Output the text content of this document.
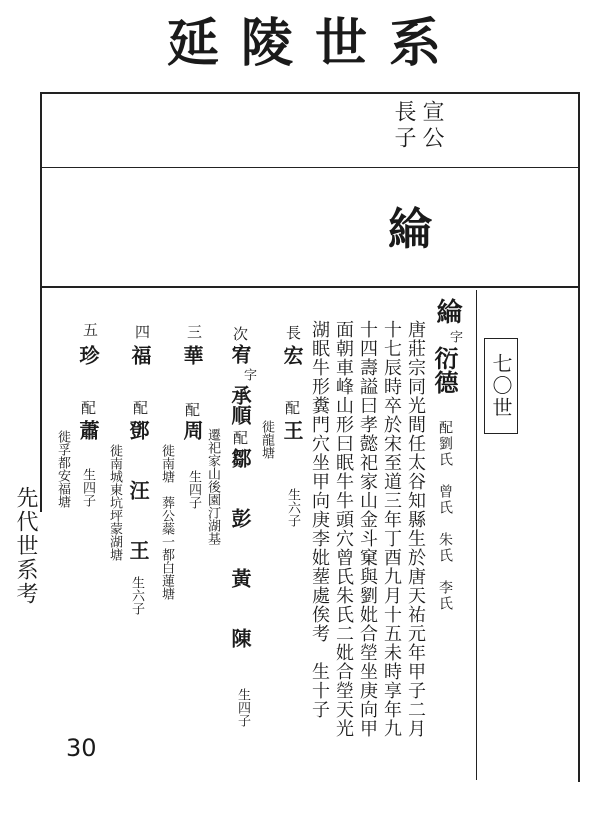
延陵世系
宣公
長子
綸
七〇世
綸
字
衍德
配劉氏　曾氏　朱氏　李氏
唐莊宗同光間任太谷知縣生於唐天祐元年甲子二月
十七辰時卒於宋至道三年丁酉九月十五未時享年九
十四壽謚曰孝懿祀家山金斗窠與劉妣合塋坐庚向甲
面朝車峰山形曰眠牛牛頭穴曾氏朱氏二妣合塋天光
湖眠牛形糞門穴坐甲向庚李妣塟處俟考　生十子
長
宏
配
王
生六子
徙龍塘
次
宥
字
承順
配
鄒　彭　黃　陳
遷祀家山後園汀湖基
生四子
三
華
配
周
生四子
徙南塘　葬公蘂一都白蓮塘
四
福
配
鄧　汪　王
生六子
徙南城東坑坪蒙湖塘
五
珍
配
蕭
生四子
徙孚都安福塘
先代世系考
30
